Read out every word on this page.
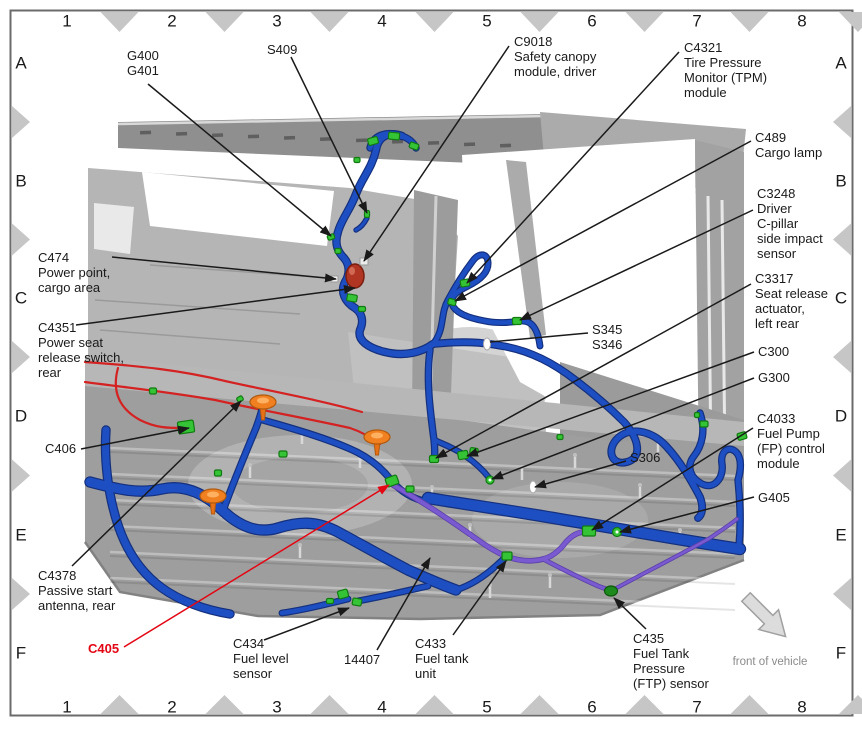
1
1
2
2
3
3
4
4
5
5
6
6
7
7
8
8
A	A
B	B
C	C
D	D
E	E
F	F
G400
G401
S409
C9018
Safety canopy
module, driver
C4321
Tire Pressure
Monitor (TPM)
module
C489
Cargo lamp
C3248
Driver
C-pillar
side impact
sensor
C3317
Seat release
actuator,
left rear
S345
S346	C300
G300
C4033
Fuel Pump
(FP) control
module
G405
S306
C474
Power point,
cargo area
C4351
Power seat
release switch,
rear
C406
C4378
Passive start
antenna, rear
C405	C434
Fuel level
sensor
14407
C433
Fuel tank
unit
C435
Fuel Tank
Pressure
(FTP) sensor
front of vehicle
